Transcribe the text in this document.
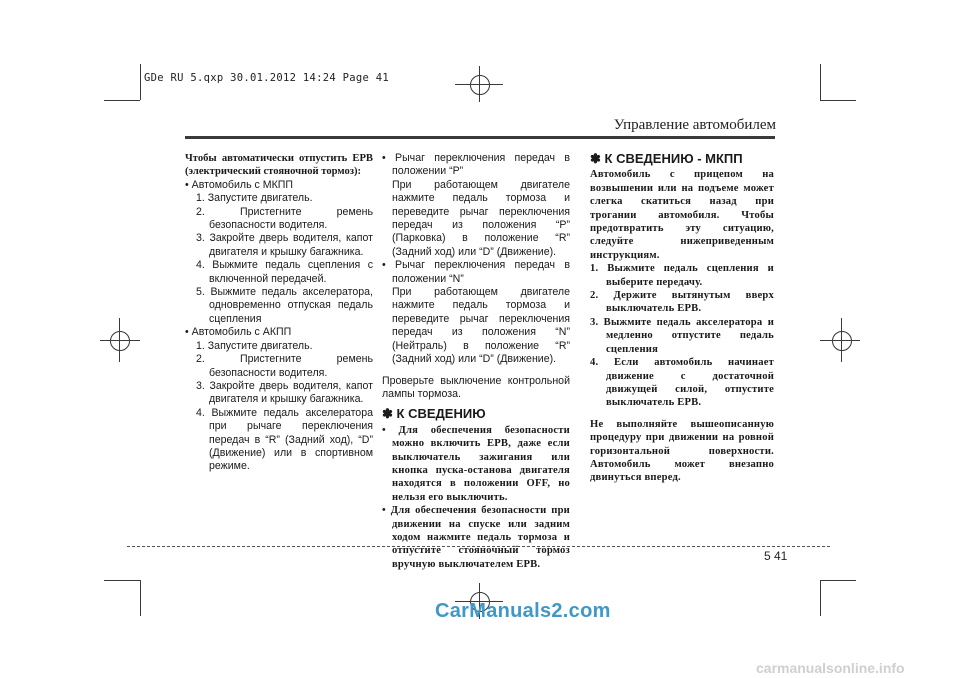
GDe RU 5.qxp 30.01.2012 14:24 Page 41
Управление автомобилем

Чтобы автоматически отпустить EPB (электрический стояночной тормоз):

• Автомобиль с МКПП

1. Запустите двигатель.

2. Пристегните ремень безопасности водителя.

3. Закройте дверь водителя, капот двигателя и крышку багажника.

4. Выжмите педаль сцепления с включенной передачей.

5. Выжмите педаль акселератора, одновременно отпуская педаль сцепления

• Автомобиль с АКПП

1. Запустите двигатель.

2. Пристегните ремень безопасности водителя.

3. Закройте дверь водителя, капот двигателя и крышку багажника.

4. Выжмите педаль акселератора при рычаге переключения передач в “R” (Задний ход), “D” (Движение) или в спортивном режиме.

• Рычаг переключения передач в положении “P”

При работающем двигателе нажмите педаль тормоза и переведите рычаг переключения передач из положения “P” (Парковка) в положение “R” (Задний ход) или “D” (Движение).

• Рычаг переключения передач в положении “N”

При работающем двигателе нажмите педаль тормоза и переведите рычаг переключения передач из положения “N” (Нейтраль) в положение “R” (Задний ход) или “D” (Движение).

Проверьте выключение контрольной лампы тормоза.

✽ К СВЕДЕНИЮ

• Для обеспечения безопасности можно включить EPB, даже если выключатель зажигания или кнопка пуска-останова двигателя находятся в положении OFF, но нельзя его выключить.

• Для обеспечения безопасности при движении на спуске или задним ходом нажмите педаль тормоза и отпустите стояночный тормоз вручную выключателем EPB.

✽ К СВЕДЕНИЮ - МКПП

Автомобиль с прицепом на возвышении или на подъеме может слегка скатиться назад при трогании автомобиля. Чтобы предотвратить эту ситуацию, следуйте нижеприведенным инструкциям.

1. Выжмите педаль сцепления и выберите передачу.

2. Держите вытянутым вверх выключатель EPB.

3. Выжмите педаль акселератора и медленно отпустите педаль сцепления

4. Если автомобиль начинает движение с достаточной движущей силой, отпустите выключатель EPB.

Не выполняйте вышеописанную процедуру при движении на ровной горизонтальной поверхности. Автомобиль может внезапно двинуться вперед.

5 41
CarManuals2.com
carmanualsonline.info
